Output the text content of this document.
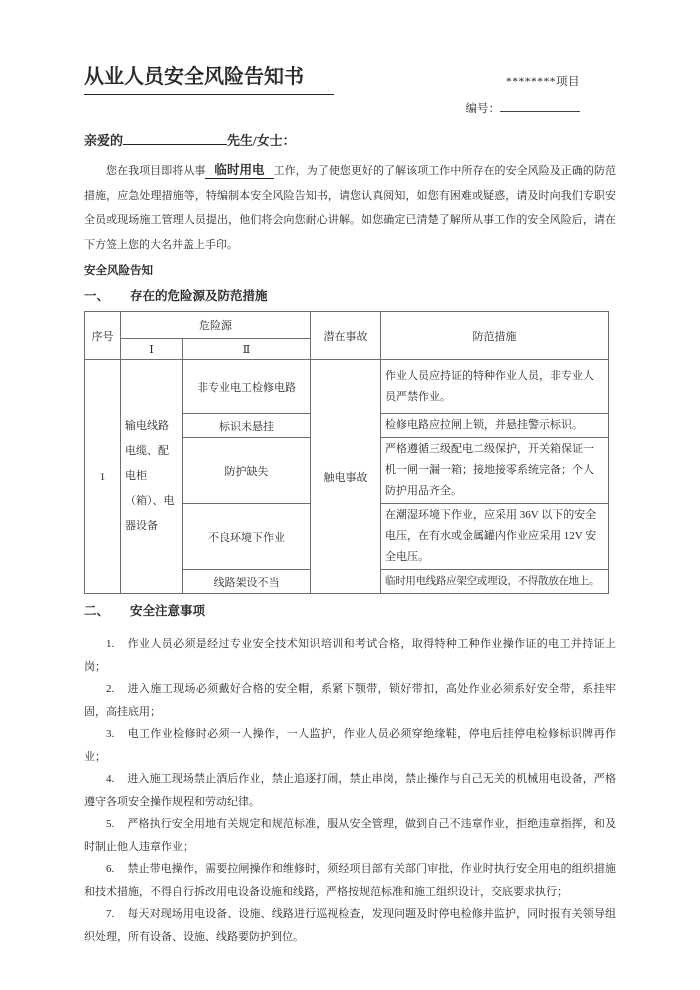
从业人员安全风险告知书	********项目
编号：
亲爱的	先生/女士：

您在我项目即将从事 临时用电 工作，为了使您更好的了解该项工作中所存在的安全风险及正确的防范措施，应急处理措施等，特编制本安全风险告知书，请您认真阅知，如您有困难或疑惑，请及时向我们专职安全员或现场施工管理人员提出，他们将会向您耐心讲解。如您确定已清楚了解所从事工作的安全风险后，请在下方签上您的大名并盖上手印。

安全风险告知
一、 存在的危险源及防范措施
序号	危险源		潜在事故	防范措施
	Ⅰ	Ⅱ		
1	输电线路电缆、配电柜（箱）、电器设备	非专业电工检修电路	触电事故	作业人员应持证的特种作业人员，非专业人员严禁作业。
		标识未悬挂		检修电路应拉闸上锁，并悬挂警示标识。
		防护缺失		严格遵循三级配电二级保护，开关箱保证一机一闸一漏一箱；接地接零系统完备；个人防护用品齐全。
		不良环境下作业		在潮湿环境下作业，应采用 36V 以下的安全电压，在有水或金属罐内作业应采用 12V 安全电压。
		线路架设不当		临时用电线路应架空或埋设，不得散放在地上。
二、 安全注意事项

1. 作业人员必须是经过专业安全技术知识培训和考试合格，取得特种工种作业操作证的电工并持证上岗；

2. 进入施工现场必须戴好合格的安全帽，系紧下颚带，锁好带扣，高处作业必须系好安全带，系挂牢固，高挂底用；

3. 电工作业检修时必须一人操作，一人监护，作业人员必须穿绝缘鞋，停电后挂停电检修标识牌再作业；

4. 进入施工现场禁止酒后作业，禁止追逐打闹，禁止串岗，禁止操作与自己无关的机械用电设备，严格遵守各项安全操作规程和劳动纪律。

5. 严格执行安全用地有关规定和规范标准，服从安全管理，做到自己不违章作业，拒绝违章指挥，和及时制止他人违章作业；

6. 禁止带电操作，需要拉闸操作和维修时，须经项目部有关部门审批，作业时执行安全用电的组织措施和技术措施，不得自行拆改用电设备设施和线路，严格按规范标准和施工组织设计，交底要求执行；

7. 每天对现场用电设备、设施、线路进行巡视检查，发现问题及时停电检修并监护，同时报有关领导组织处理，所有设备、设施、线路要防护到位。
